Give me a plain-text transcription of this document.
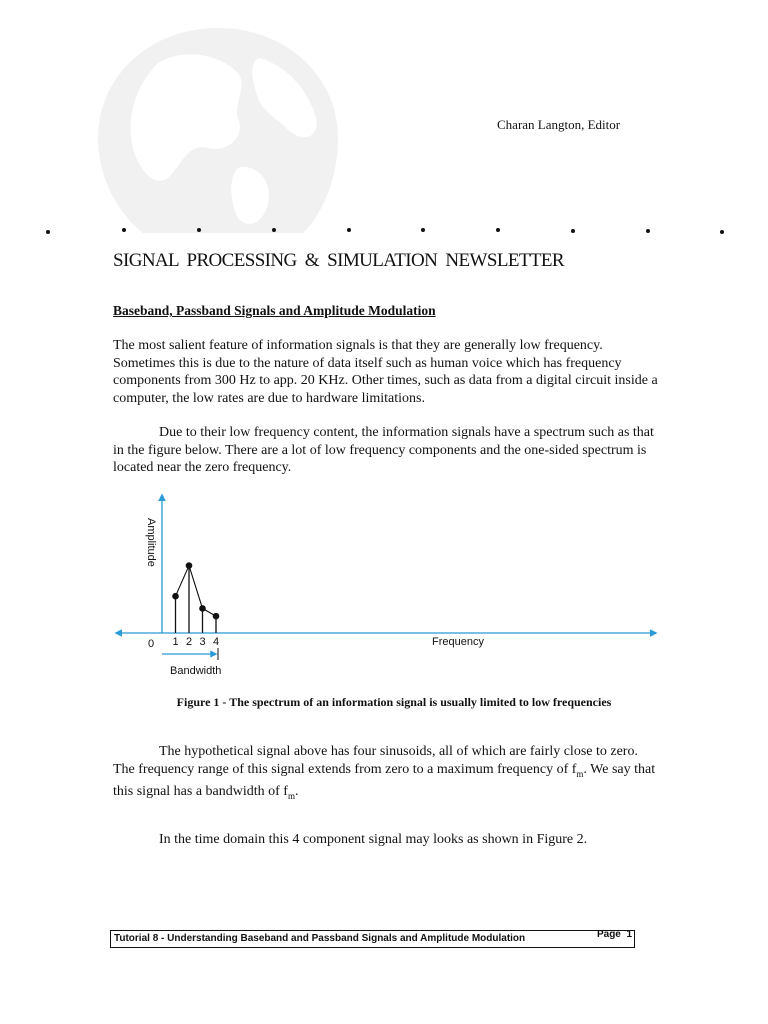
Charan Langton, Editor
SIGNAL PROCESSING & SIMULATION NEWSLETTER
Baseband, Passband Signals and Amplitude Modulation

The most salient feature of information signals is that they are generally low frequency. Sometimes this is due to the nature of data itself such as human voice which has frequency components from 300 Hz to app. 20 KHz. Other times, such as data from a digital circuit inside a computer, the low rates are due to hardware limitations.

Due to their low frequency content, the information signals have a spectrum such as that in the figure below. There are a lot of low frequency components and the one-sided spectrum is located near the zero frequency.

Amplitude
Frequency
0 1 2 3 4
Bandwidth
Figure 1 - The spectrum of an information signal is usually limited to low frequencies

The hypothetical signal above has four sinusoids, all of which are fairly close to zero. The frequency range of this signal extends from zero to a maximum frequency of $f_m$. We say that this signal has a bandwidth of $f_m$.

In the time domain this 4 component signal may looks as shown in Figure 2.

Tutorial 8 - Understanding Baseband and Passband Signals and Amplitude Modulation	Page 1
